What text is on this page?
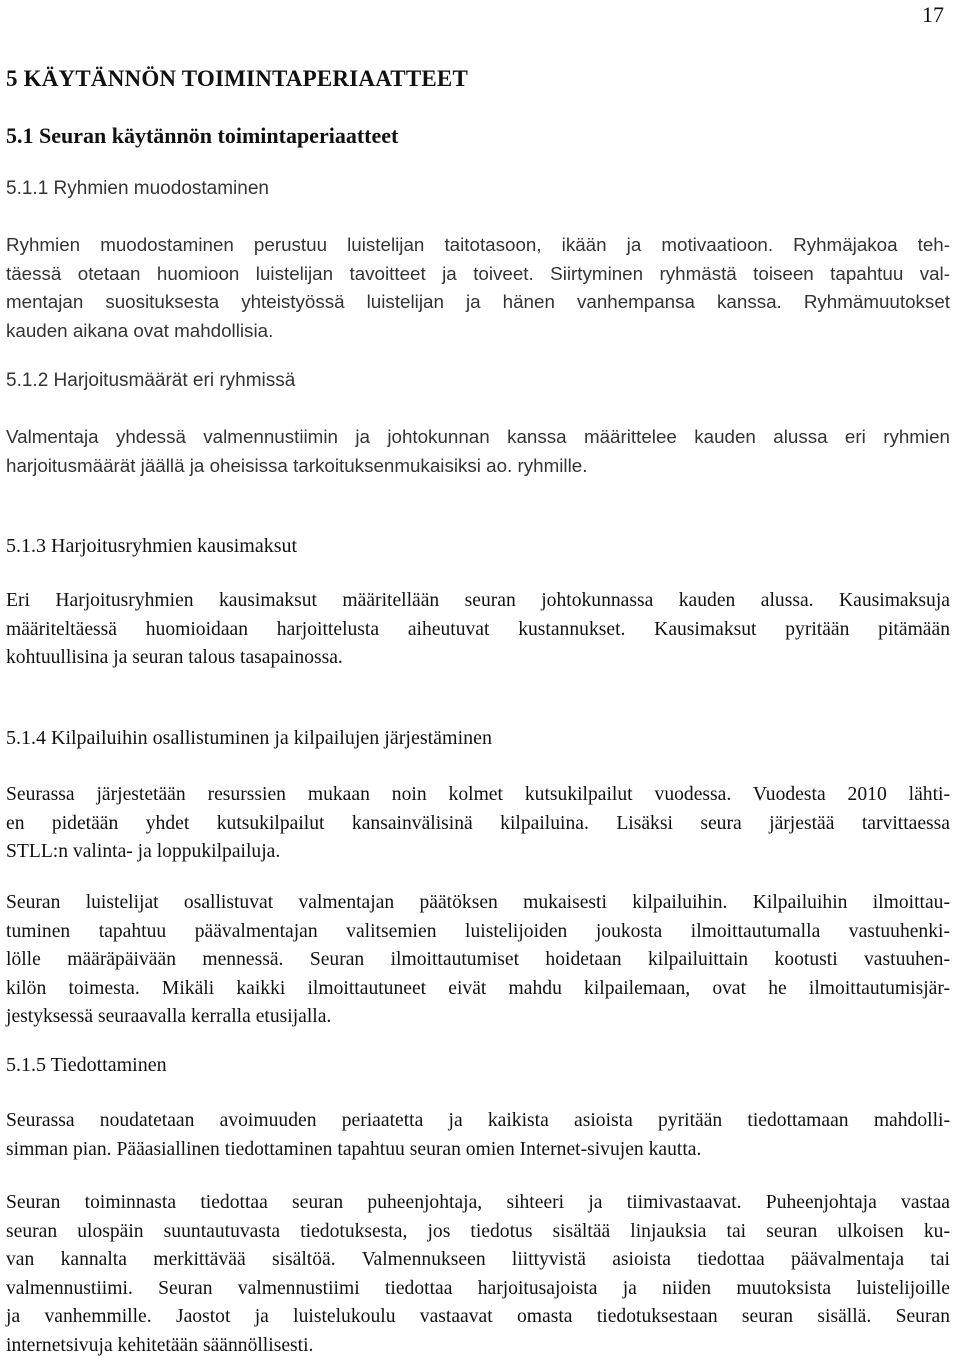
17
5 KÄYTÄNNÖN TOIMINTAPERIAATTEET
5.1 Seuran käytännön toimintaperiaatteet
5.1.1 Ryhmien muodostaminen
Ryhmien muodostaminen perustuu luistelijan taitotasoon, ikään ja motivaatioon. Ryhmäjakoa teh-
täessä otetaan huomioon luistelijan tavoitteet ja toiveet. Siirtyminen ryhmästä toiseen tapahtuu val-
mentajan suosituksesta yhteistyössä luistelijan ja hänen vanhempansa kanssa. Ryhmämuutokset
kauden aikana ovat mahdollisia.
5.1.2 Harjoitusmäärät eri ryhmissä
Valmentaja yhdessä valmennustiimin ja johtokunnan kanssa määrittelee kauden alussa eri ryhmien
harjoitusmäärät jäällä ja oheisissa tarkoituksenmukaisiksi ao. ryhmille.
5.1.3 Harjoitusryhmien kausimaksut
Eri Harjoitusryhmien kausimaksut määritellään seuran johtokunnassa kauden alussa. Kausimaksuja
määriteltäessä huomioidaan harjoittelusta aiheutuvat kustannukset. Kausimaksut pyritään pitämään
kohtuullisina ja seuran talous tasapainossa.
5.1.4 Kilpailuihin osallistuminen ja kilpailujen järjestäminen
Seurassa järjestetään resurssien mukaan noin kolmet kutsukilpailut vuodessa. Vuodesta 2010 lähti-
en pidetään yhdet kutsukilpailut kansainvälisinä kilpailuina. Lisäksi seura järjestää tarvittaessa
STLL:n valinta- ja loppukilpailuja.
Seuran luistelijat osallistuvat valmentajan päätöksen mukaisesti kilpailuihin. Kilpailuihin ilmoittau-
tuminen tapahtuu päävalmentajan valitsemien luistelijoiden joukosta ilmoittautumalla vastuuhenki-
lölle määräpäivään mennessä. Seuran ilmoittautumiset hoidetaan kilpailuittain kootusti vastuuhen-
kilön toimesta. Mikäli kaikki ilmoittautuneet eivät mahdu kilpailemaan, ovat he ilmoittautumisjär-
jestyksessä seuraavalla kerralla etusijalla.
5.1.5 Tiedottaminen
Seurassa noudatetaan avoimuuden periaatetta ja kaikista asioista pyritään tiedottamaan mahdolli-
simman pian. Pääasiallinen tiedottaminen tapahtuu seuran omien Internet-sivujen kautta.
Seuran toiminnasta tiedottaa seuran puheenjohtaja, sihteeri ja tiimivastaavat. Puheenjohtaja vastaa
seuran ulospäin suuntautuvasta tiedotuksesta, jos tiedotus sisältää linjauksia tai seuran ulkoisen ku-
van kannalta merkittävää sisältöä. Valmennukseen liittyvistä asioista tiedottaa päävalmentaja tai
valmennustiimi. Seuran valmennustiimi tiedottaa harjoitusajoista ja niiden muutoksista luistelijoille
ja vanhemmille. Jaostot ja luistelukoulu vastaavat omasta tiedotuksestaan seuran sisällä. Seuran
internetsivuja kehitetään säännöllisesti.
